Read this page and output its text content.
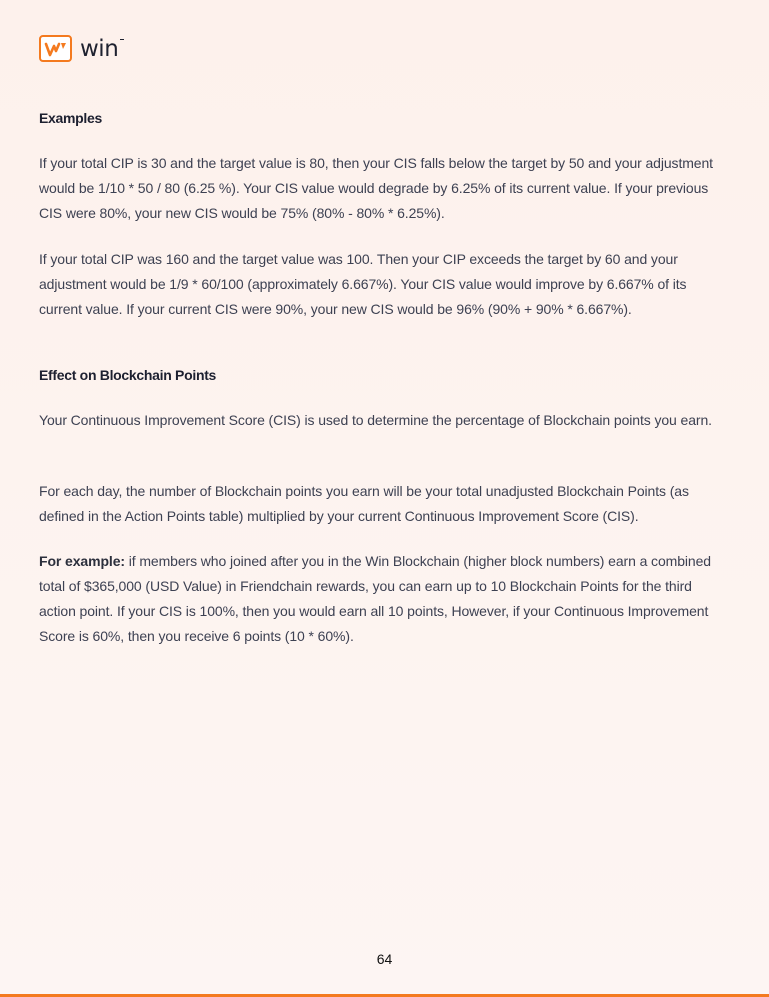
win
Examples

If your total CIP is 30 and the target value is 80, then your CIS falls below the target by 50 and your adjustment would be 1/10 * 50 / 80 (6.25 %). Your CIS value would degrade by 6.25% of its current value. If your previous CIS were 80%, your new CIS would be 75% (80% - 80% * 6.25%).

If your total CIP was 160 and the target value was 100. Then your CIP exceeds the target by 60 and your adjustment would be 1/9 * 60/100 (approximately 6.667%). Your CIS value would improve by 6.667% of its current value. If your current CIS were 90%, your new CIS would be 96% (90% + 90% * 6.667%).

Effect on Blockchain Points

Your Continuous Improvement Score (CIS) is used to determine the percentage of Blockchain points you earn.

For each day, the number of Blockchain points you earn will be your total unadjusted Blockchain Points (as defined in the Action Points table) multiplied by your current Continuous Improvement Score (CIS).

For example: if members who joined after you in the Win Blockchain (higher block numbers) earn a combined total of $365,000 (USD Value) in Friendchain rewards, you can earn up to 10 Blockchain Points for the third action point. If your CIS is 100%, then you would earn all 10 points, However, if your Continuous Improvement Score is 60%, then you receive 6 points (10 * 60%).

64
